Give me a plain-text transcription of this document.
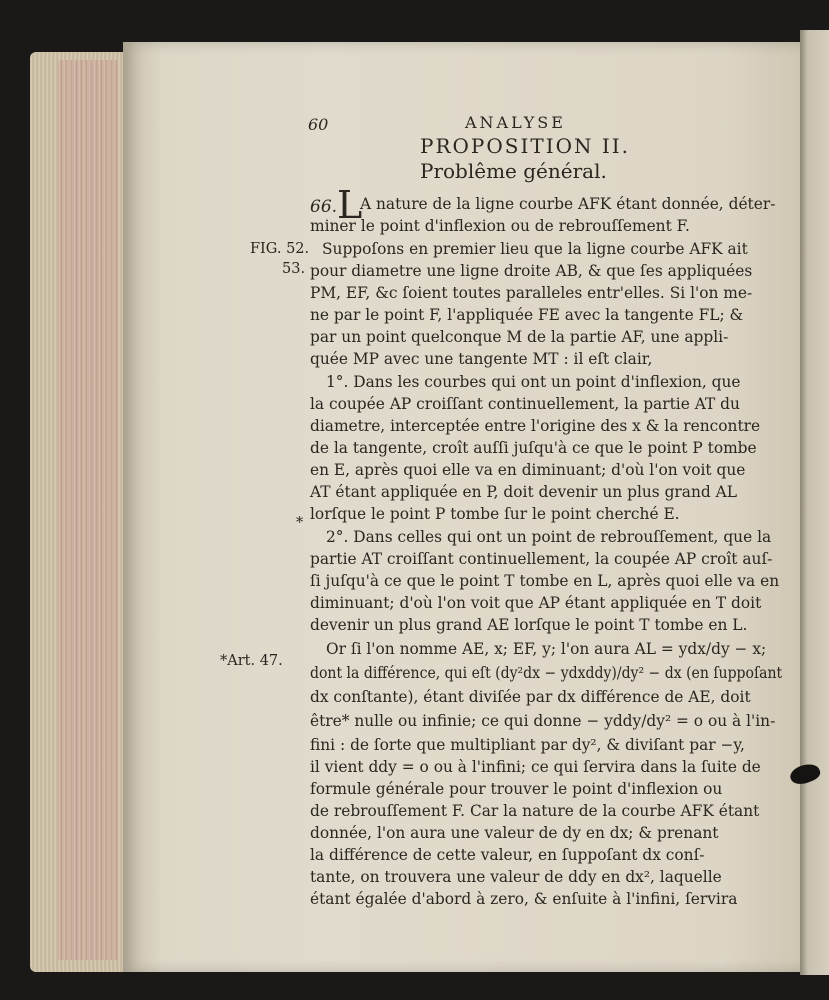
60	ANALYSE
PROPOSITION II.
Problême général.
FIG. 52.
53.
*
*Art. 47.
66.L
A nature de la ligne courbe AFK étant donnée, déter-
miner le point d'inflexion ou de rebrouſſement F.
Suppoſons en premier lieu que la ligne courbe AFK ait
pour diametre une ligne droite AB, & que ſes appliquées
PM, EF, &c ſoient toutes paralleles entr'elles. Si l'on me-
ne par le point F, l'appliquée FE avec la tangente FL; &
par un point quelconque M de la partie AF, une appli-
quée MP avec une tangente MT : il eſt clair,
1°. Dans les courbes qui ont un point d'inflexion, que
la coupée AP croiſſant continuellement, la partie AT du
diametre, interceptée entre l'origine des x & la rencontre
de la tangente, croît auſſi juſqu'à ce que le point P tombe
en E, après quoi elle va en diminuant; d'où l'on voit que
AT étant appliquée en P, doit devenir un plus grand AL
lorſque le point P tombe ſur le point cherché E.
2°. Dans celles qui ont un point de rebrouſſement, que la
partie AT croiſſant continuellement, la coupée AP croît auſ-
ſi juſqu'à ce que le point T tombe en L, après quoi elle va en
diminuant; d'où l'on voit que AP étant appliquée en T doit
devenir un plus grand AE lorſque le point T tombe en L.
Or ſi l'on nomme AE, x; EF, y; l'on aura AL = ydx/dy − x;
dont la différence, qui eſt (dy²dx − ydxddy)/dy² − dx (en ſuppoſant
dx conſtante), étant diviſée par dx différence de AE, doit
être* nulle ou infinie; ce qui donne − yddy/dy² = o ou à l'in-
fini : de ſorte que multipliant par dy², & diviſant par −y,
il vient ddy = o ou à l'infini; ce qui ſervira dans la ſuite de
formule générale pour trouver le point d'inflexion ou
de rebrouſſement F. Car la nature de la courbe AFK étant
donnée, l'on aura une valeur de dy en dx; & prenant
la différence de cette valeur, en ſuppoſant dx conſ-
tante, on trouvera une valeur de ddy en dx², laquelle
étant égalée d'abord à zero, & enſuite à l'infini, ſervira
